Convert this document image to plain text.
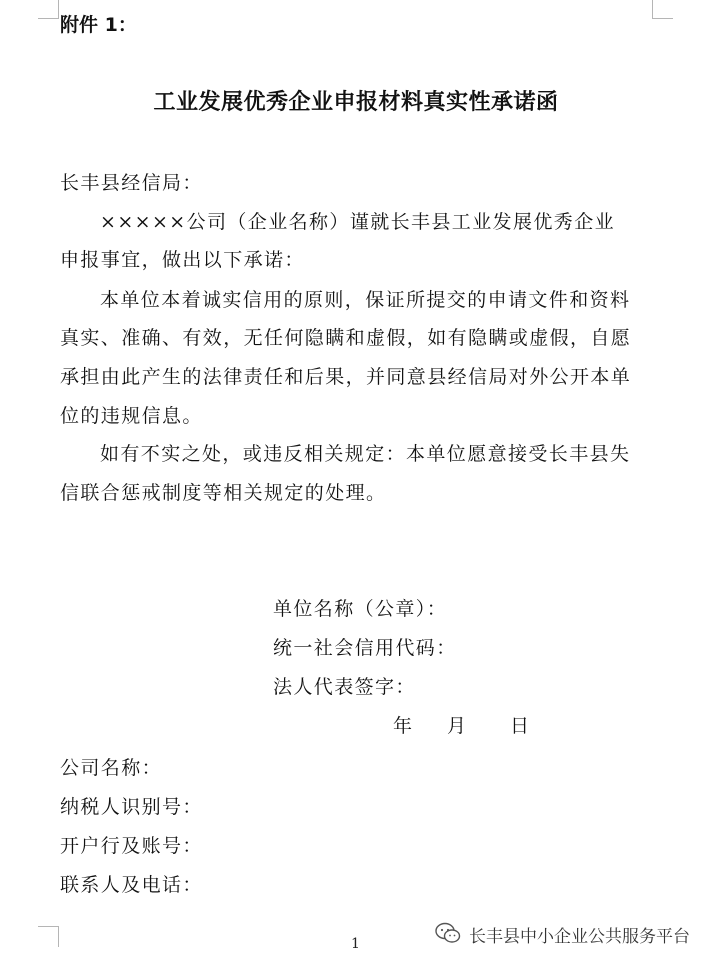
附件 1：
工业发展优秀企业申报材料真实性承诺函
长丰县经信局：
×××××公司（企业名称）谨就长丰县工业发展优秀企业
申报事宜，做出以下承诺：
本单位本着诚实信用的原则，保证所提交的申请文件和资料
真实、准确、有效，无任何隐瞒和虚假，如有隐瞒或虚假，自愿
承担由此产生的法律责任和后果，并同意县经信局对外公开本单
位的违规信息。
如有不实之处，或违反相关规定：本单位愿意接受长丰县失
信联合惩戒制度等相关规定的处理。
单位名称（公章）：
统一社会信用代码：
法人代表签字：
年 月 日
公司名称：
纳税人识别号：
开户行及账号：
联系人及电话：
1	长丰县中小企业公共服务平台
